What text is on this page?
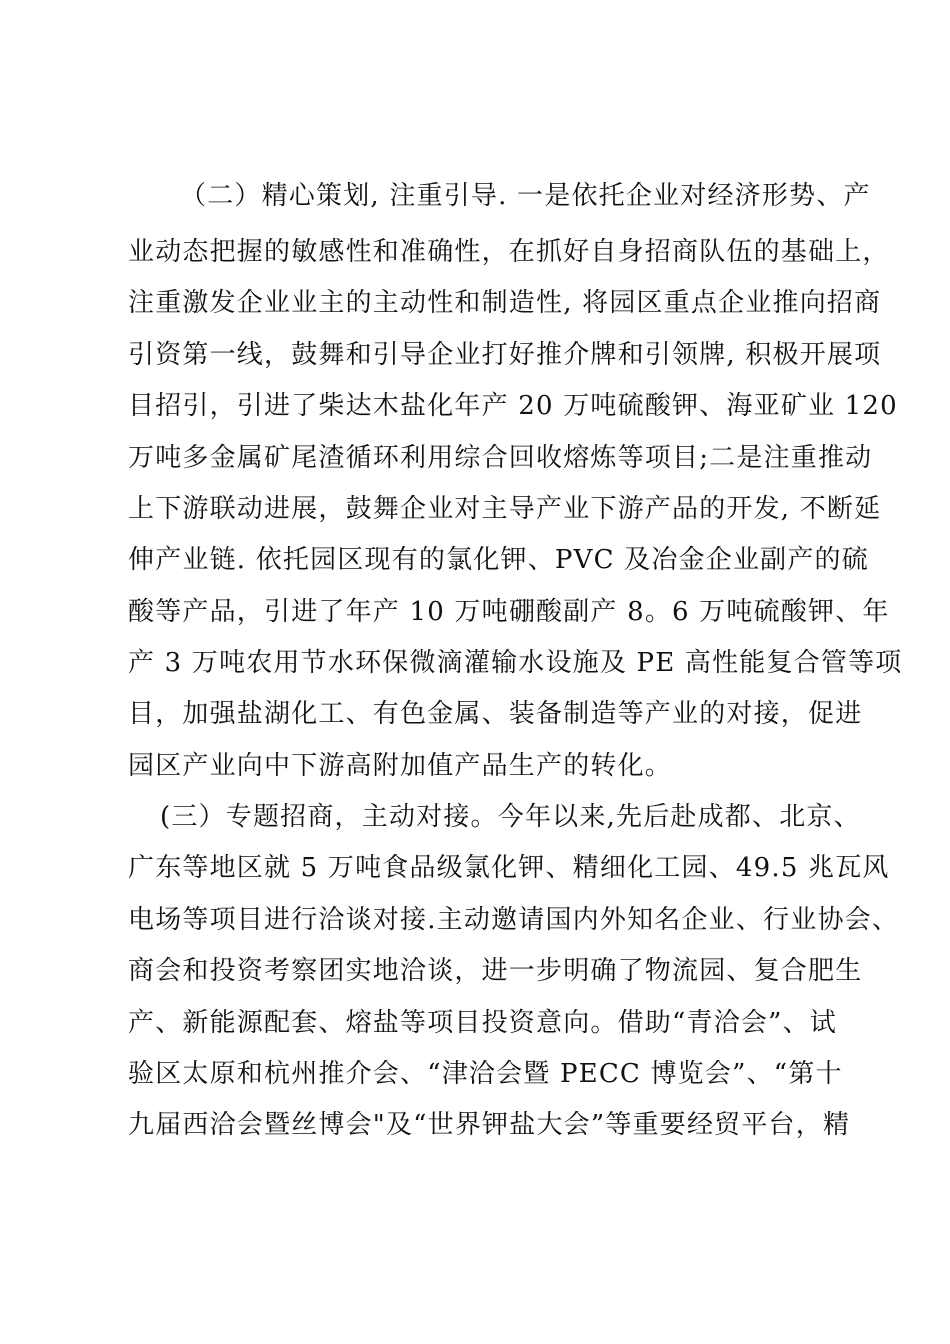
（二）精心策划, 注重引导. 一是依托企业对经济形势、产
业动态把握的敏感性和准确性，在抓好自身招商队伍的基础上，
注重激发企业业主的主动性和制造性, 将园区重点企业推向招商
引资第一线，鼓舞和引导企业打好推介牌和引领牌, 积极开展项
目招引，引进了柴达木盐化年产 20 万吨硫酸钾、海亚矿业 120
万吨多金属矿尾渣循环利用综合回收熔炼等项目;二是注重推动
上下游联动进展，鼓舞企业对主导产业下游产品的开发, 不断延
伸产业链. 依托园区现有的氯化钾、PVC 及冶金企业副产的硫
酸等产品，引进了年产 10 万吨硼酸副产 8。6 万吨硫酸钾、年
产 3 万吨农用节水环保微滴灌输水设施及 PE 高性能复合管等项
目，加强盐湖化工、有色金属、装备制造等产业的对接，促进
园区产业向中下游高附加值产品生产的转化。
(三）专题招商，主动对接。今年以来,先后赴成都、北京、
广东等地区就 5 万吨食品级氯化钾、精细化工园、49.5 兆瓦风
电场等项目进行洽谈对接.主动邀请国内外知名企业、行业协会、
商会和投资考察团实地洽谈，进一步明确了物流园、复合肥生
产、新能源配套、熔盐等项目投资意向。借助“青洽会”、试
验区太原和杭州推介会、“津洽会暨 PECC 博览会”、“第十
九届西洽会暨丝博会"及“世界钾盐大会”等重要经贸平台，精
